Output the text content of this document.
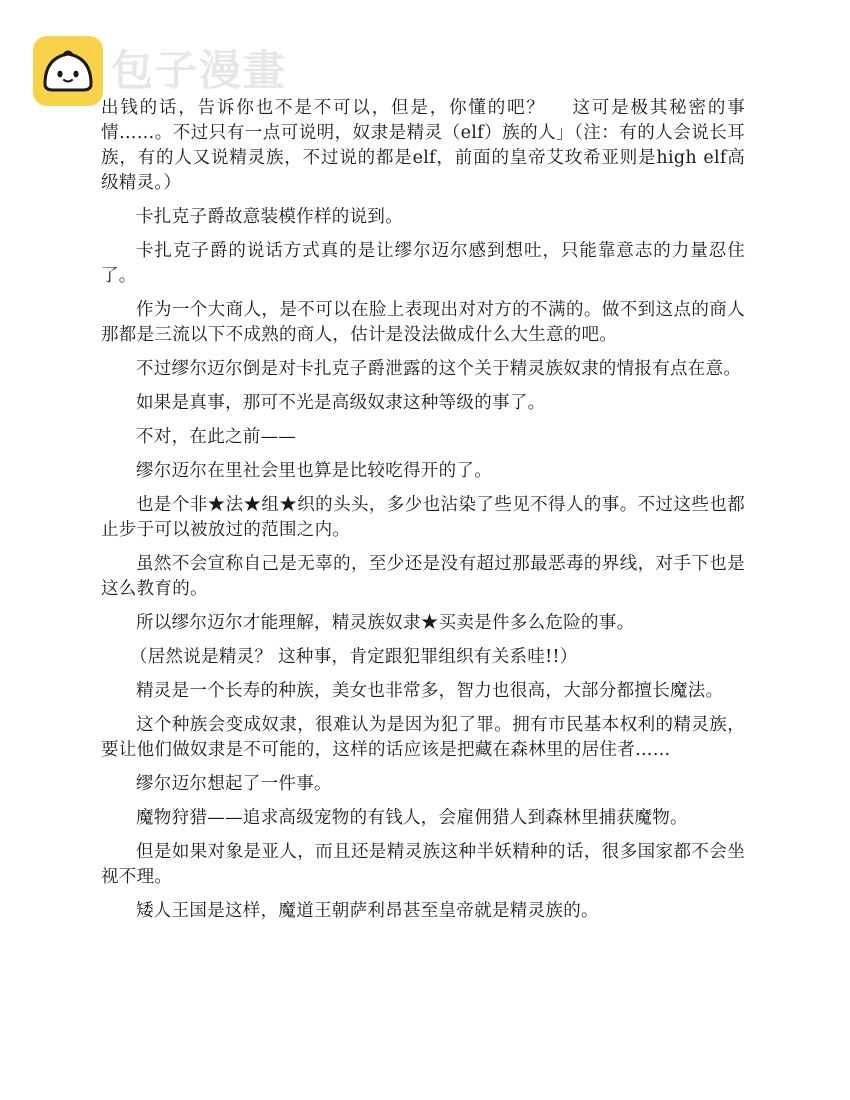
包子漫畫

出钱的话，告诉你也不是不可以，但是，你懂的吧？　 这可是极其秘密的事情……。不过只有一点可说明，奴隶是精灵（elf）族的人」（注：有的人会说长耳族，有的人又说精灵族，不过说的都是elf，前面的皇帝艾玫希亚则是high elf高级精灵。）

卡扎克子爵故意装模作样的说到。

卡扎克子爵的说话方式真的是让缪尔迈尔感到想吐，只能靠意志的力量忍住了。

作为一个大商人，是不可以在脸上表现出对对方的不满的。做不到这点的商人那都是三流以下不成熟的商人，估计是没法做成什么大生意的吧。

不过缪尔迈尔倒是对卡扎克子爵泄露的这个关于精灵族奴隶的情报有点在意。

如果是真事，那可不光是高级奴隶这种等级的事了。

不对，在此之前——

缪尔迈尔在里社会里也算是比较吃得开的了。

也是个非★法★组★织的头头，多少也沾染了些见不得人的事。不过这些也都止步于可以被放过的范围之内。

虽然不会宣称自己是无辜的，至少还是没有超过那最恶毒的界线，对手下也是这么教育的。

所以缪尔迈尔才能理解，精灵族奴隶★买卖是件多么危险的事。

（居然说是精灵？ 这种事，肯定跟犯罪组织有关系哇!!）

精灵是一个长寿的种族，美女也非常多，智力也很高，大部分都擅长魔法。

这个种族会变成奴隶，很难认为是因为犯了罪。拥有市民基本权利的精灵族，要让他们做奴隶是不可能的，这样的话应该是把藏在森林里的居住者……

缪尔迈尔想起了一件事。

魔物狩猎——追求高级宠物的有钱人，会雇佣猎人到森林里捕获魔物。

但是如果对象是亚人，而且还是精灵族这种半妖精种的话，很多国家都不会坐视不理。

矮人王国是这样，魔道王朝萨利昂甚至皇帝就是精灵族的。
